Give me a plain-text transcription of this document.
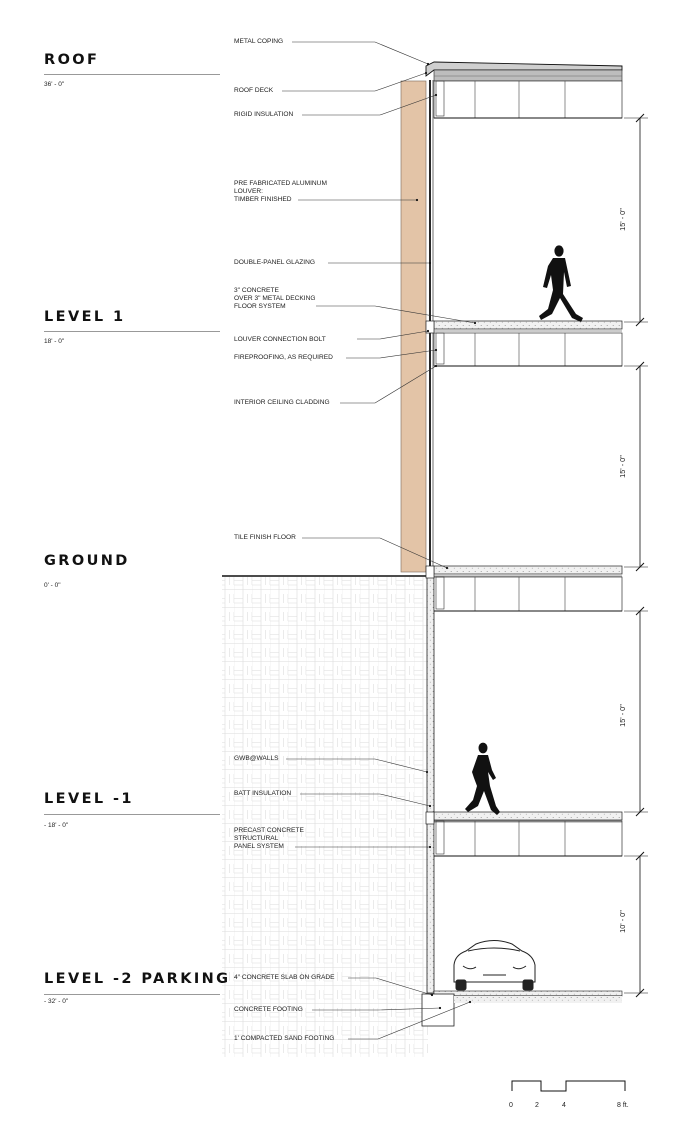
ROOF
36' - 0"
LEVEL 1
18' - 0"
GROUND
0' - 0"
LEVEL -1
- 18' - 0"
LEVEL -2 PARKING
- 32' - 0"
METAL COPING
ROOF DECK
RIGID INSULATION
PRE FABRICATED ALUMINUM
LOUVER:
TIMBER FINISHED
DOUBLE-PANEL GLAZING
3" CONCRETE
OVER 3" METAL DECKING
FLOOR SYSTEM
LOUVER CONNECTION BOLT
FIREPROOFING, AS REQUIRED
INTERIOR CEILING CLADDING
TILE FINISH FLOOR
GWB@WALLS
BATT INSULATION
PRECAST CONCRETE
STRUCTURAL
PANEL SYSTEM
4" CONCRETE SLAB ON GRADE
CONCRETE FOOTING
1' COMPACTED SAND FOOTING
15' - 0"
15' - 0"
15' - 0"
10' - 0"
0	2	4	8 ft.
